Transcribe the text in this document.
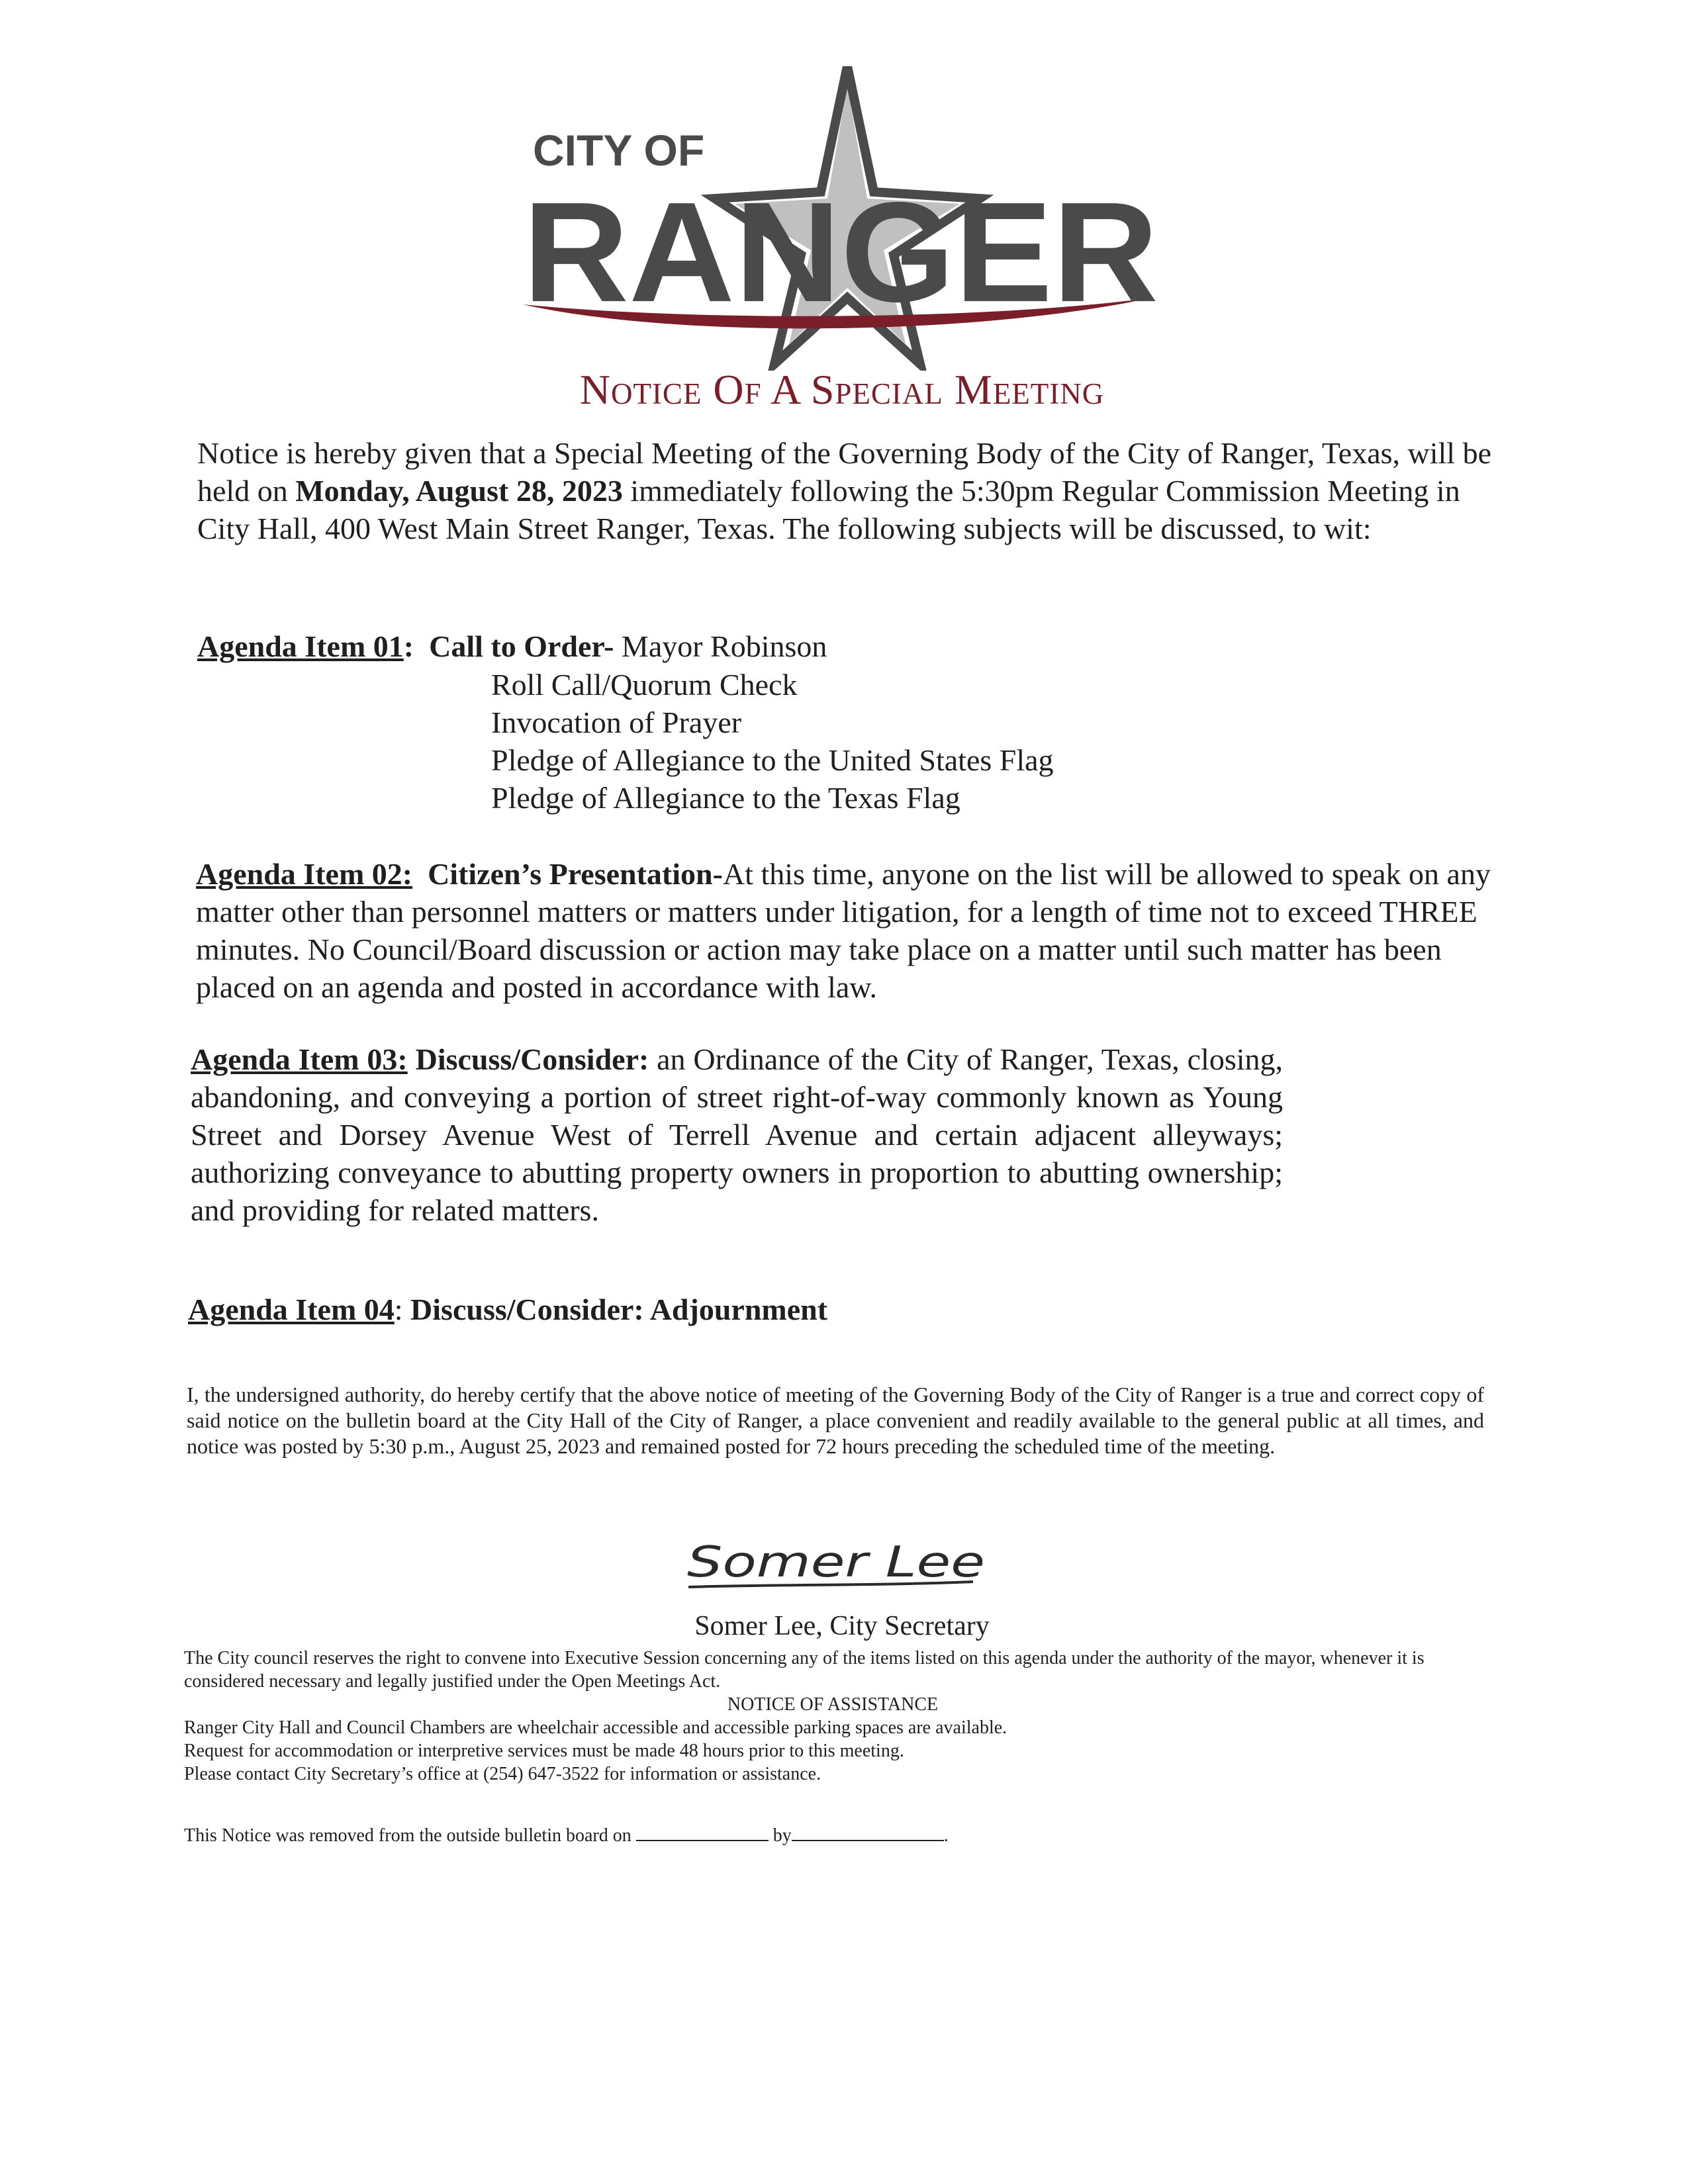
CITY OF
RANGER
Notice Of A Special Meeting
Notice is hereby given that a Special Meeting of the Governing Body of the City of Ranger, Texas, will be held on Monday, August 28, 2023 immediately following the 5:30pm Regular Commission Meeting in City Hall, 400 West Main Street Ranger, Texas. The following subjects will be discussed, to wit:
Agenda Item 01: Call to Order- Mayor Robinson
Roll Call/Quorum Check
Invocation of Prayer
Pledge of Allegiance to the United States Flag
Pledge of Allegiance to the Texas Flag
Agenda Item 02: Citizen’s Presentation-At this time, anyone on the list will be allowed to speak on any matter other than personnel matters or matters under litigation, for a length of time not to exceed THREE minutes. No Council/Board discussion or action may take place on a matter until such matter has been placed on an agenda and posted in accordance with law.
Agenda Item 03: Discuss/Consider: an Ordinance of the City of Ranger, Texas, closing, abandoning, and conveying a portion of street right-of-way commonly known as Young Street and Dorsey Avenue West of Terrell Avenue and certain adjacent alleyways; authorizing conveyance to abutting property owners in proportion to abutting ownership; and providing for related matters.
Agenda Item 04: Discuss/Consider: Adjournment
I, the undersigned authority, do hereby certify that the above notice of meeting of the Governing Body of the City of Ranger is a true and correct copy of said notice on the bulletin board at the City Hall of the City of Ranger, a place convenient and readily available to the general public at all times, and notice was posted by 5:30 p.m., August 25, 2023 and remained posted for 72 hours preceding the scheduled time of the meeting.
Somer Lee
Somer Lee, City Secretary
The City council reserves the right to convene into Executive Session concerning any of the items listed on this agenda under the authority of the mayor, whenever it is considered necessary and legally justified under the Open Meetings Act.
NOTICE OF ASSISTANCE
Ranger City Hall and Council Chambers are wheelchair accessible and accessible parking spaces are available.
Request for accommodation or interpretive services must be made 48 hours prior to this meeting.
Please contact City Secretary’s office at (254) 647-3522 for information or assistance.
This Notice was removed from the outside bulletin board on	by	.
